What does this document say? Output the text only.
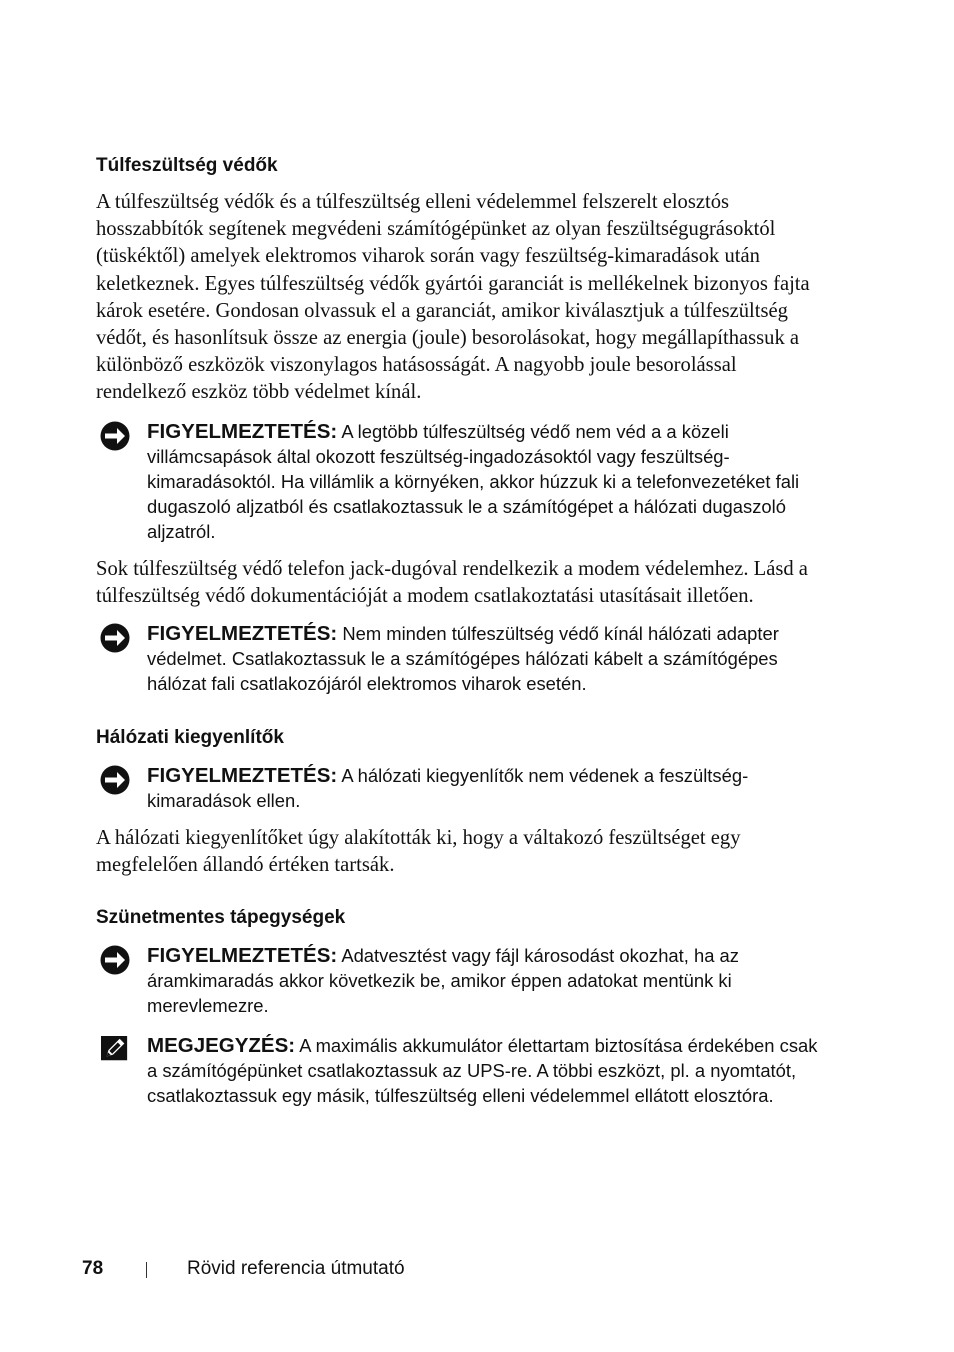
Túlfeszültség védők

A túlfeszültség védők és a túlfeszültség elleni védelemmel felszerelt elosztós hosszabbítók segítenek megvédeni számítógépünket az olyan feszültségugrásoktól (tüskéktől) amelyek elektromos viharok során vagy feszültség-kimaradások után keletkeznek. Egyes túlfeszültség védők gyártói garanciát is mellékelnek bizonyos fajta károk esetére. Gondosan olvassuk el a garanciát, amikor kiválasztjuk a túlfeszültség védőt, és hasonlítsuk össze az energia (joule) besorolásokat, hogy megállapíthassuk a különböző eszközök viszonylagos hatásosságát. A nagyobb joule besorolással rendelkező eszköz több védelmet kínál.

FIGYELMEZTETÉS: A legtöbb túlfeszültség védő nem véd a a közeli villámcsapások által okozott feszültség-ingadozásoktól vagy feszültség-kimaradásoktól. Ha villámlik a környéken, akkor húzzuk ki a telefonvezetéket fali dugaszoló aljzatból és csatlakoztassuk le a számítógépet a hálózati dugaszoló aljzatról.

Sok túlfeszültség védő telefon jack-dugóval rendelkezik a modem védelemhez. Lásd a túlfeszültség védő dokumentációját a modem csatlakoztatási utasításait illetően.

FIGYELMEZTETÉS: Nem minden túlfeszültség védő kínál hálózati adapter védelmet. Csatlakoztassuk le a számítógépes hálózati kábelt a számítógépes hálózat fali csatlakozójáról elektromos viharok esetén.
Hálózati kiegyenlítők
FIGYELMEZTETÉS: A hálózati kiegyenlítők nem védenek a feszültség-kimaradások ellen.

A hálózati kiegyenlítőket úgy alakították ki, hogy a váltakozó feszültséget egy megfelelően állandó értéken tartsák.

Szünetmentes tápegységek
FIGYELMEZTETÉS: Adatvesztést vagy fájl károsodást okozhat, ha az áramkimaradás akkor következik be, amikor éppen adatokat mentünk ki merevlemezre.
MEGJEGYZÉS: A maximális akkumulátor élettartam biztosítása érdekében csak a számítógépünket csatlakoztassuk az UPS-re. A többi eszközt, pl. a nyomtatót, csatlakoztassuk egy másik, túlfeszültség elleni védelemmel ellátott elosztóra.
78	Rövid referencia útmutató
